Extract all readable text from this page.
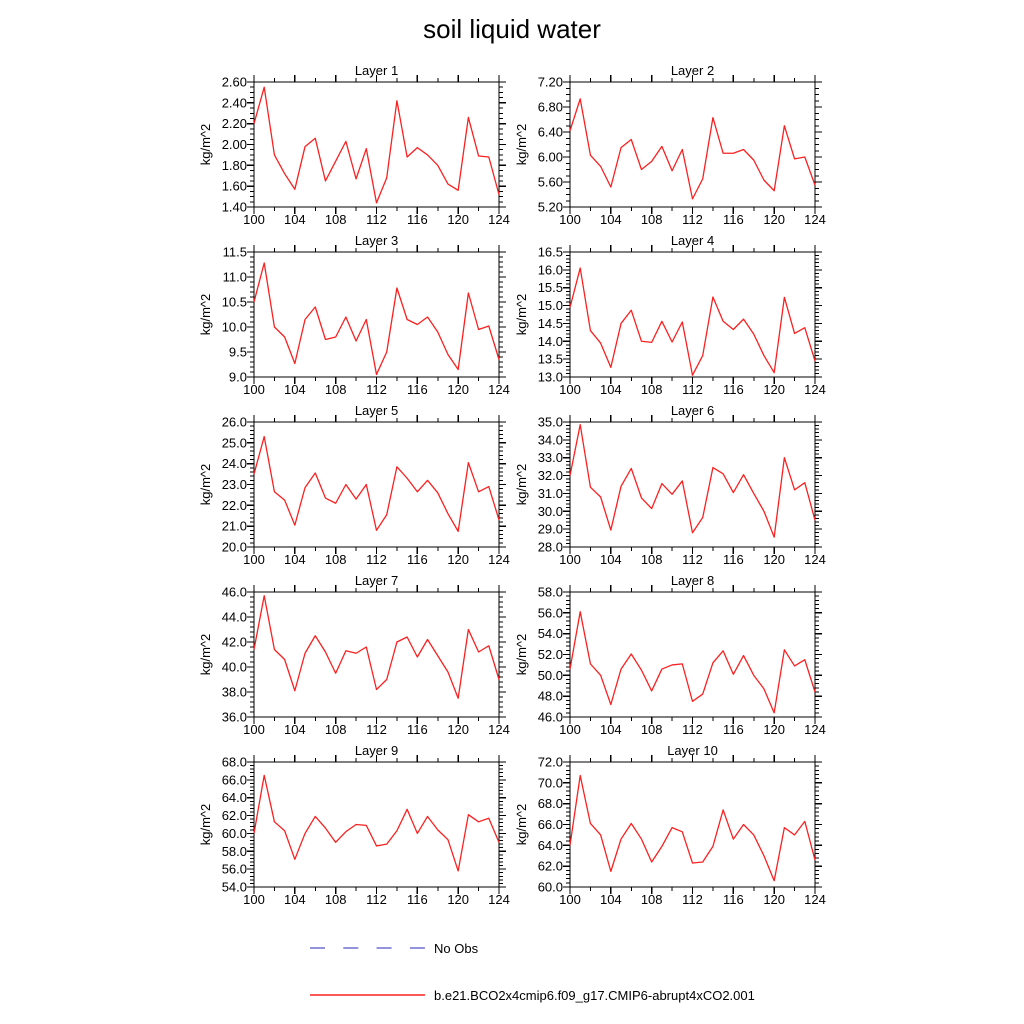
soil liquid water
100 104 108 112 116 120 124
1.40
1.60
1.80
2.00
2.20
2.40
2.60
Layer 1
kg/m^2
100 104 108 112 116 120 124
5.20
5.60
6.00
6.40
6.80
7.20
Layer 2
kg/m^2
100 104 108 112 116 120 124
9.0
9.5
10.0
10.5
11.0
11.5
Layer 3
kg/m^2
100 104 108 112 116 120 124
13.0
13.5
14.0
14.5
15.0
15.5
16.0
16.5
Layer 4
kg/m^2
100 104 108 112 116 120 124
20.0
21.0
22.0
23.0
24.0
25.0
26.0
Layer 5
kg/m^2
100 104 108 112 116 120 124
28.0
29.0
30.0
31.0
32.0
33.0
34.0
35.0
Layer 6
kg/m^2
100 104 108 112 116 120 124
36.0
38.0
40.0
42.0
44.0
46.0
Layer 7
kg/m^2
100 104 108 112 116 120 124
46.0
48.0
50.0
52.0
54.0
56.0
58.0
Layer 8
kg/m^2
100 104 108 112 116 120 124
54.0
56.0
58.0
60.0
62.0
64.0
66.0
68.0
Layer 9
kg/m^2
100 104 108 112 116 120 124
60.0
62.0
64.0
66.0
68.0
70.0
72.0
Layer 10
kg/m^2
No Obs
b.e21.BCO2x4cmip6.f09_g17.CMIP6-abrupt4xCO2.001
